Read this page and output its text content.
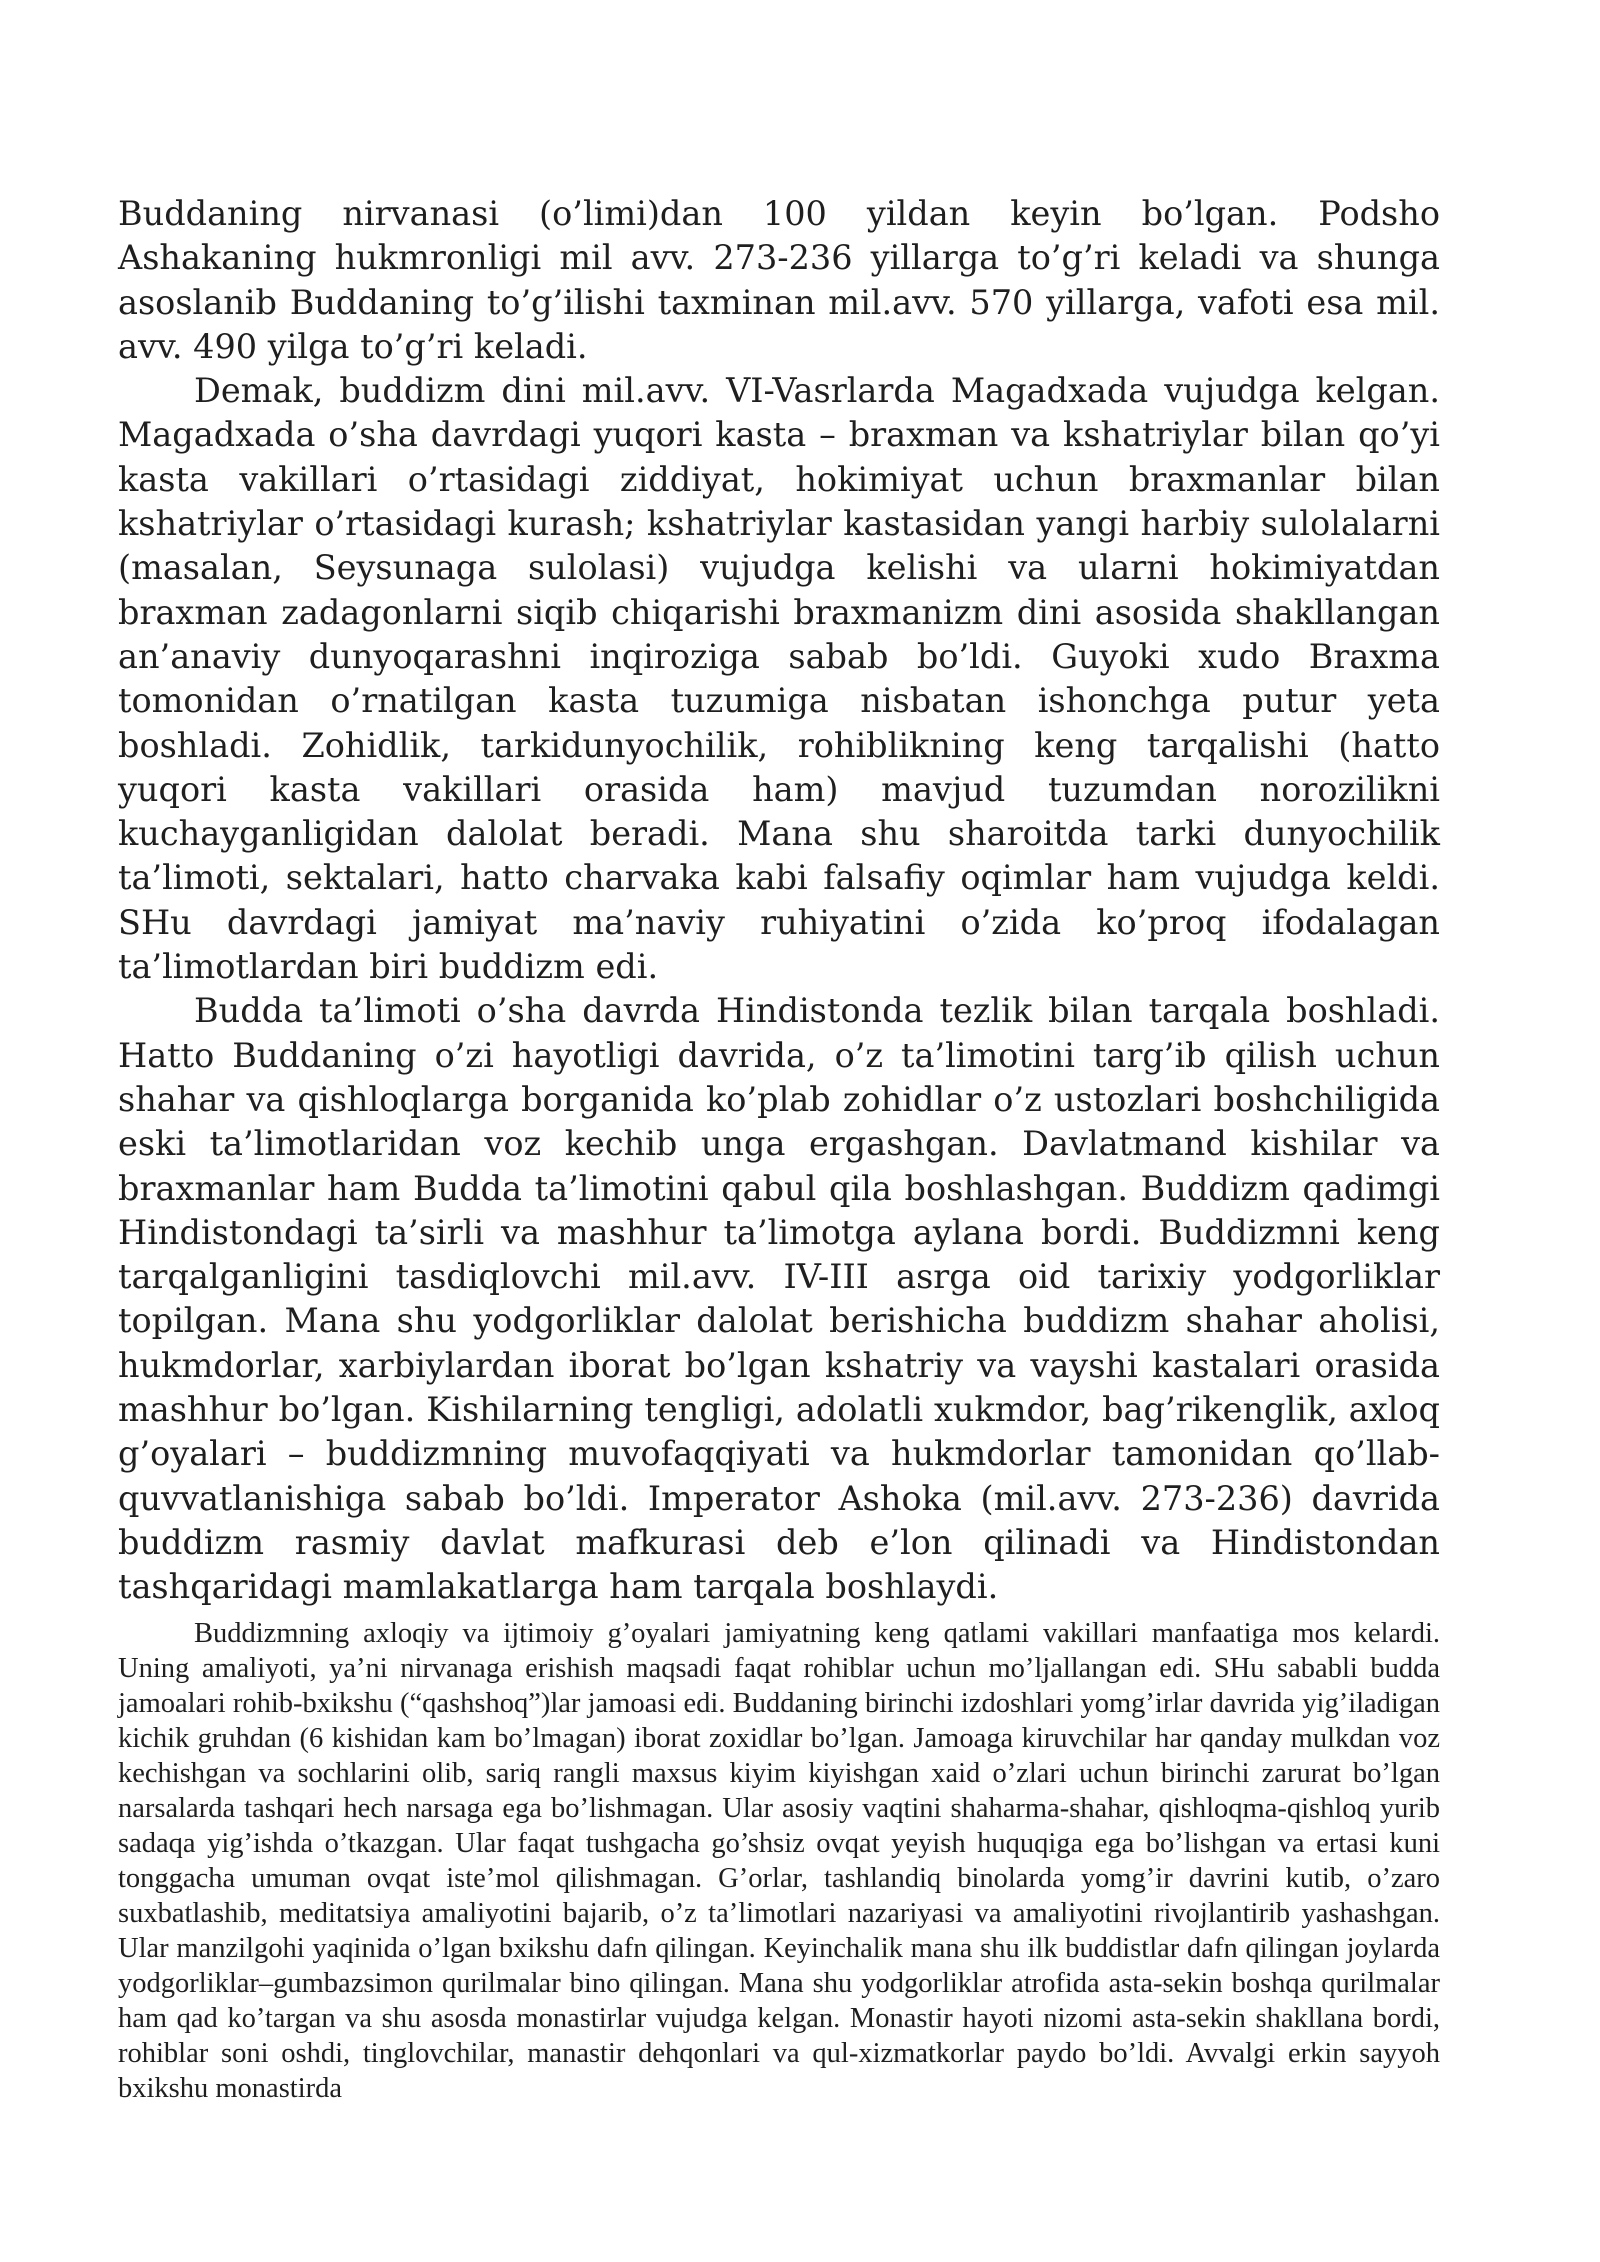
Buddaning nirvanasi (o’limi)dan 100 yildan keyin bo’lgan. Podsho Ashakaning hukmronligi mil avv. 273-236 yillarga to’g’ri keladi va shunga asoslanib Buddaning to’g’ilishi taxminan mil.avv. 570 yillarga, vafoti esa mil. avv. 490 yilga to’g’ri keladi.

Demak, buddizm dini mil.avv. VI-Vasrlarda Magadxada vujudga kelgan. Magadxada o’sha davrdagi yuqori kasta – braxman va kshatriylar bilan qo’yi kasta vakillari o’rtasidagi ziddiyat, hokimiyat uchun braxmanlar bilan kshatriylar o’rtasidagi kurash; kshatriylar kastasidan yangi harbiy sulolalarni (masalan, Seysunaga sulolasi) vujudga kelishi va ularni hokimiyatdan braxman zadagonlarni siqib chiqarishi braxmanizm dini asosida shakllangan an’anaviy dunyoqarashni inqiroziga sabab bo’ldi. Guyoki xudo Braxma tomonidan o’rnatilgan kasta tuzumiga nisbatan ishonchga putur yeta boshladi. Zohidlik, tarkidunyochilik, rohiblikning keng tarqalishi (hatto yuqori kasta vakillari orasida ham) mavjud tuzumdan norozilikni kuchayganligidan dalolat beradi. Mana shu sharoitda tarki dunyochilik ta’limoti, sektalari, hatto charvaka kabi falsafiy oqimlar ham vujudga keldi. SHu davrdagi jamiyat ma’naviy ruhiyatini o’zida ko’proq ifodalagan ta’limotlardan biri buddizm edi.

Budda ta’limoti o’sha davrda Hindistonda tezlik bilan tarqala boshladi. Hatto Buddaning o’zi hayotligi davrida, o’z ta’limotini targ’ib qilish uchun shahar va qishloqlarga borganida ko’plab zohidlar o’z ustozlari boshchiligida eski ta’limotlaridan voz kechib unga ergashgan. Davlatmand kishilar va braxmanlar ham Budda ta’limotini qabul qila boshlashgan. Buddizm qadimgi Hindistondagi ta’sirli va mashhur ta’limotga aylana bordi. Buddizmni keng tarqalganligini tasdiqlovchi mil.avv. IV-III asrga oid tarixiy yodgorliklar topilgan. Mana shu yodgorliklar dalolat berishicha buddizm shahar aholisi, hukmdorlar, xarbiylardan iborat bo’lgan kshatriy va vayshi kastalari orasida mashhur bo’lgan. Kishilarning tengligi, adolatli xukmdor, bag’rikenglik, axloq g’oyalari – buddizmning muvofaqqiyati va hukmdorlar tamonidan qo’llab-quvvatlanishiga sabab bo’ldi. Imperator Ashoka (mil.avv. 273-236) davrida buddizm rasmiy davlat mafkurasi deb e’lon qilinadi va Hindistondan tashqaridagi mamlakatlarga ham tarqala boshlaydi.

Buddizmning axloqiy va ijtimoiy g’oyalari jamiyatning keng qatlami vakillari manfaatiga mos kelardi. Uning amaliyoti, ya’ni nirvanaga erishish maqsadi faqat rohiblar uchun mo’ljallangan edi. SHu sababli budda jamoalari rohib-bxikshu (“qashshoq”)lar jamoasi edi. Buddaning birinchi izdoshlari yomg’irlar davrida yig’iladigan kichik gruhdan (6 kishidan kam bo’lmagan) iborat zoxidlar bo’lgan. Jamoaga kiruvchilar har qanday mulkdan voz kechishgan va sochlarini olib, sariq rangli maxsus kiyim kiyishgan xaid o’zlari uchun birinchi zarurat bo’lgan narsalarda tashqari hech narsaga ega bo’lishmagan. Ular asosiy vaqtini shaharma-shahar, qishloqma-qishloq yurib sadaqa yig’ishda o’tkazgan. Ular faqat tushgacha go’shsiz ovqat yeyish huquqiga ega bo’lishgan va ertasi kuni tonggacha umuman ovqat iste’mol qilishmagan. G’orlar, tashlandiq binolarda yomg’ir davrini kutib, o’zaro suxbatlashib, meditatsiya amaliyotini bajarib, o’z ta’limotlari nazariyasi va amaliyotini rivojlantirib yashashgan. Ular manzilgohi yaqinida o’lgan bxikshu dafn qilingan. Keyinchalik mana shu ilk buddistlar dafn qilingan joylarda yodgorliklar–gumbazsimon qurilmalar bino qilingan. Mana shu yodgorliklar atrofida asta-sekin boshqa qurilmalar ham qad ko’targan va shu asosda monastirlar vujudga kelgan. Monastir hayoti nizomi asta-sekin shakllana bordi, rohiblar soni oshdi, tinglovchilar, manastir dehqonlari va qul-xizmatkorlar paydo bo’ldi. Avvalgi erkin sayyoh bxikshu monastirda
